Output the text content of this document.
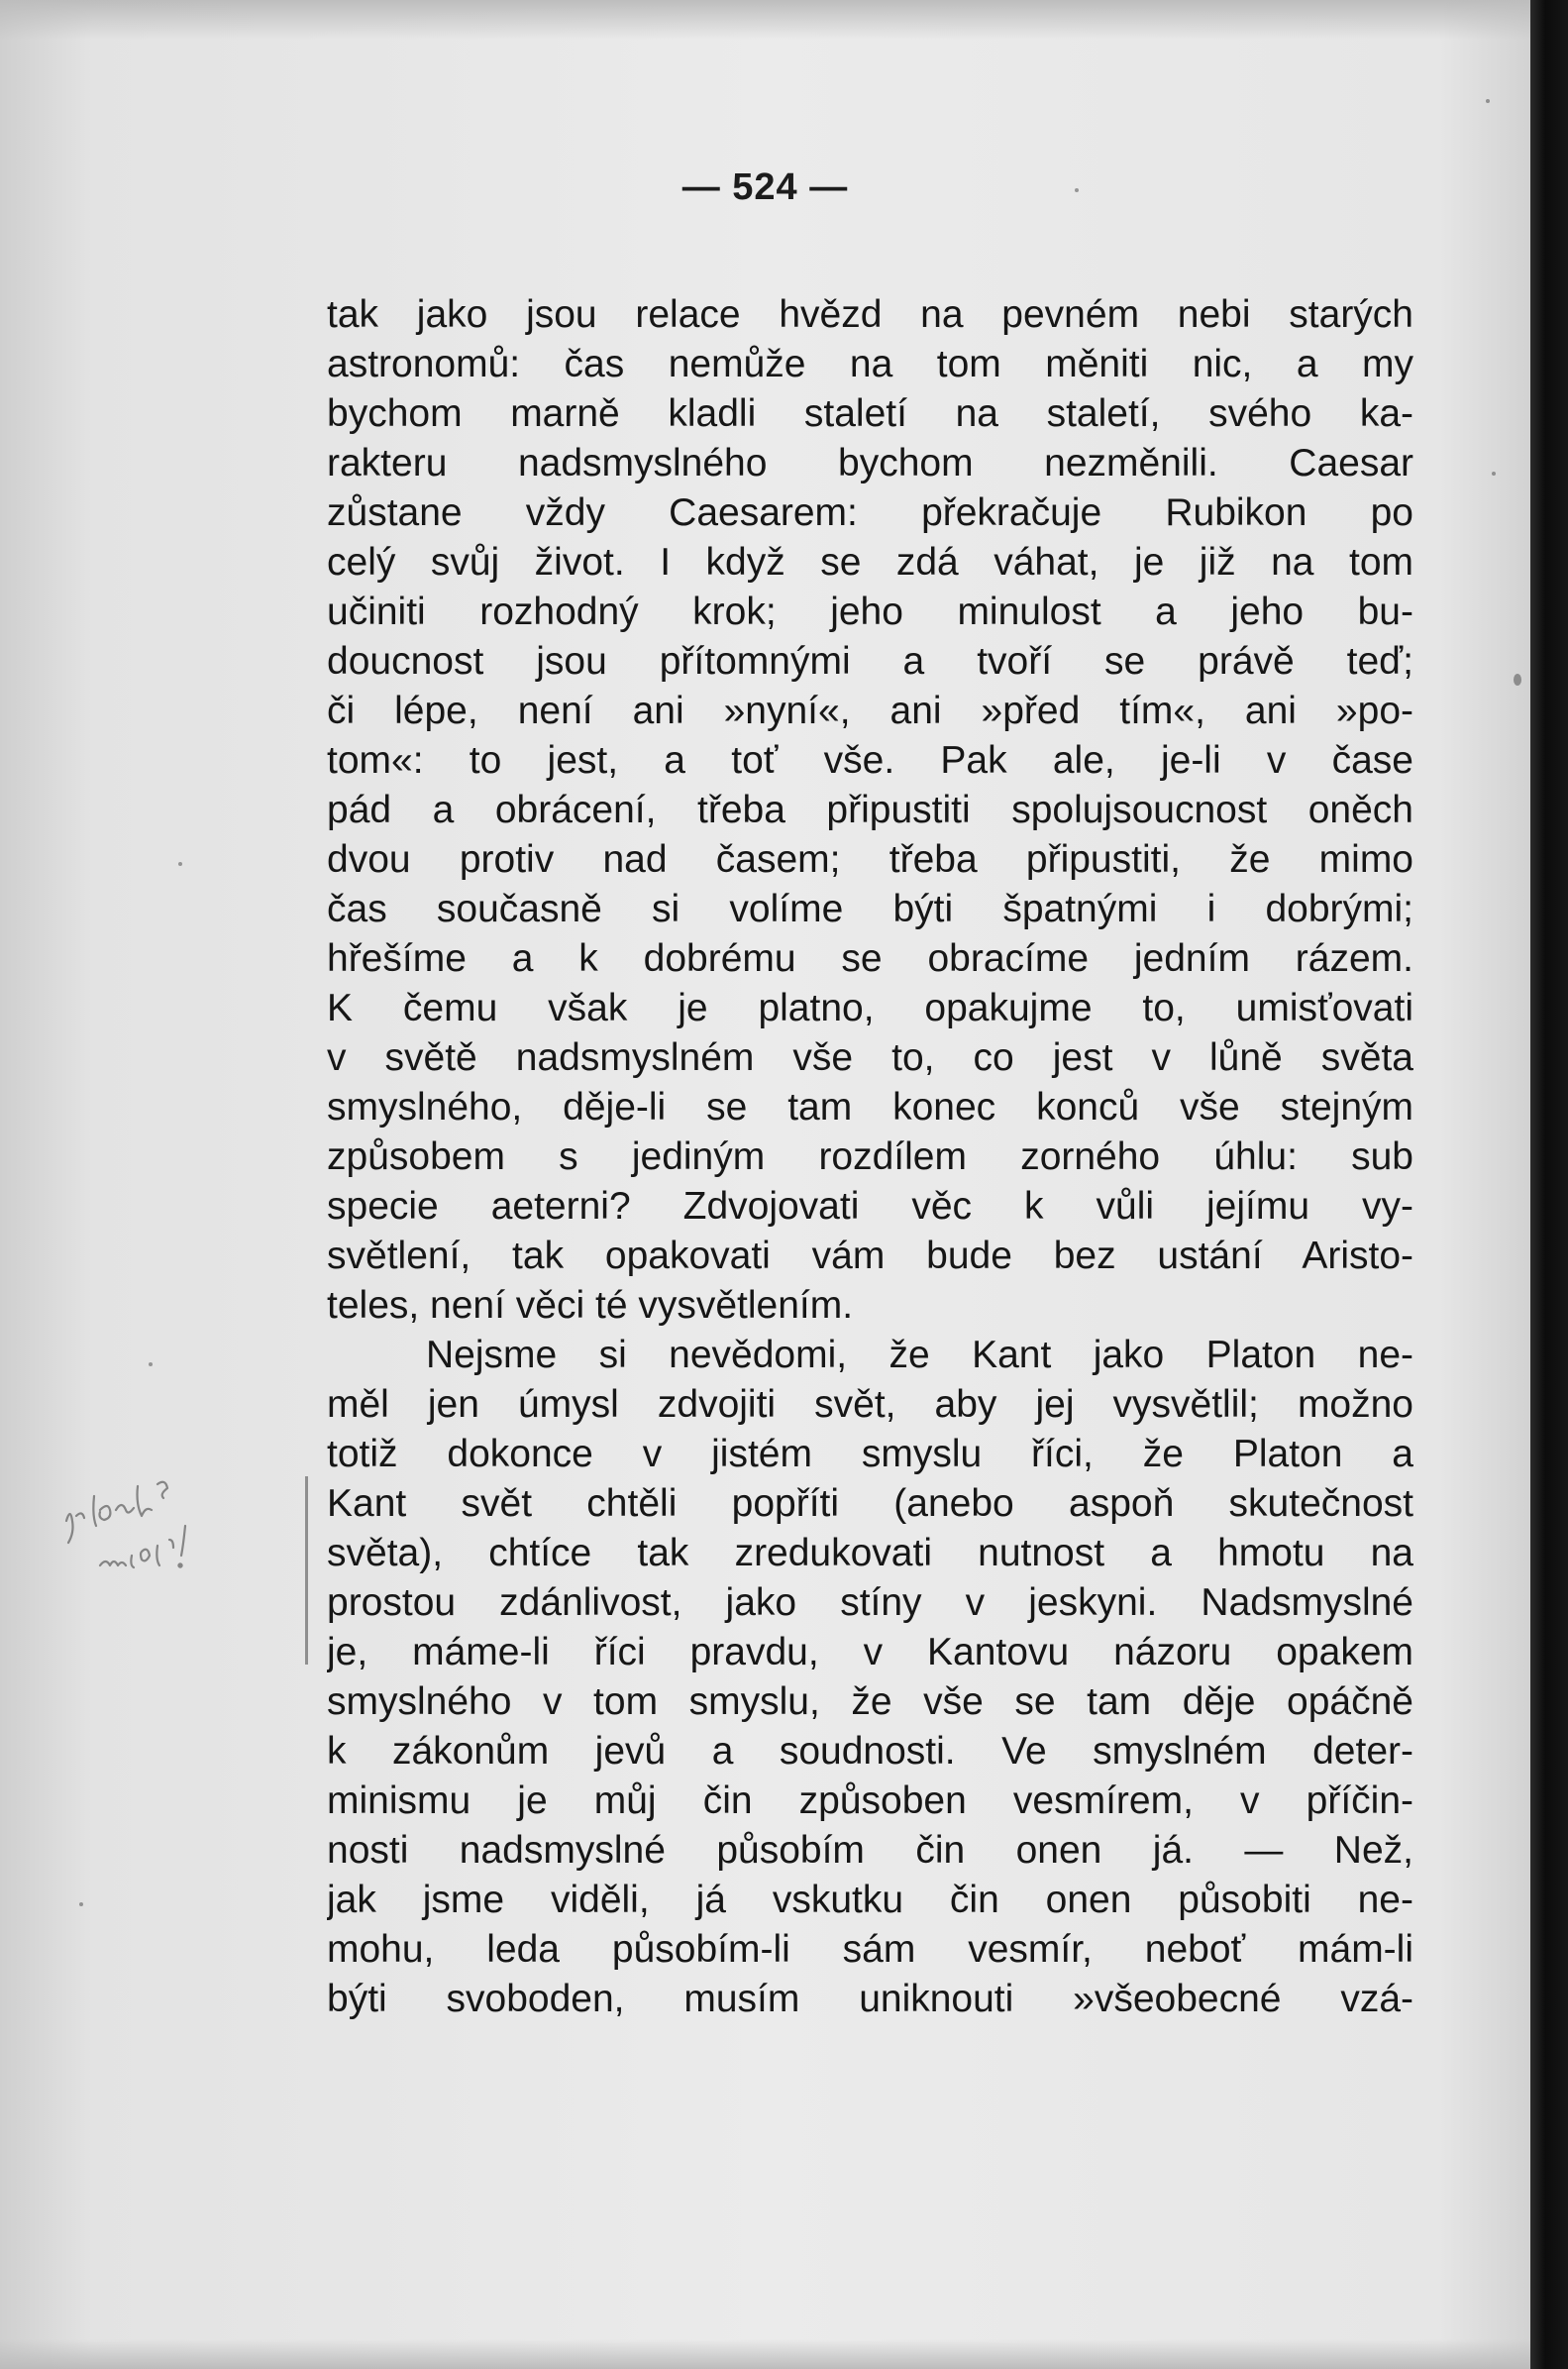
— 524 —
tak jako jsou relace hvězd na pevném nebi starých
astronomů: čas nemůže na tom měniti nic, a my
bychom marně kladli staletí na staletí, svého ka-
rakteru nadsmyslného bychom nezměnili. Caesar
zůstane vždy Caesarem: překračuje Rubikon po
celý svůj život. I když se zdá váhat, je již na tom
učiniti rozhodný krok; jeho minulost a jeho bu-
doucnost jsou přítomnými a tvoří se právě teď;
či lépe, není ani »nyní«, ani »před tím«, ani »po-
tom«: to jest, a toť vše. Pak ale, je-li v čase
pád a obrácení, třeba připustiti spolujsoucnost oněch
dvou protiv nad časem; třeba připustiti, že mimo
čas současně si volíme býti špatnými i dobrými;
hřešíme a k dobrému se obracíme jedním rázem.
K čemu však je platno, opakujme to, umisťovati
v světě nadsmyslném vše to, co jest v lůně světa
smyslného, děje-li se tam konec konců vše stejným
způsobem s jediným rozdílem zorného úhlu: sub
specie aeterni? Zdvojovati věc k vůli jejímu vy-
světlení, tak opakovati vám bude bez ustání Aristo-
teles, není věci té vysvětlením.
Nejsme si nevědomi, že Kant jako Platon ne-
měl jen úmysl zdvojiti svět, aby jej vysvětlil; možno
totiž dokonce v jistém smyslu říci, že Platon a
Kant svět chtěli popříti (anebo aspoň skutečnost
světa), chtíce tak zredukovati nutnost a hmotu na
prostou zdánlivost, jako stíny v jeskyni. Nadsmyslné
je, máme-li říci pravdu, v Kantovu názoru opakem
smyslného v tom smyslu, že vše se tam děje opáčně
k zákonům jevů a soudnosti. Ve smyslném deter-
minismu je můj čin způsoben vesmírem, v příčin-
nosti nadsmyslné působím čin onen já. — Než,
jak jsme viděli, já vskutku čin onen působiti ne-
mohu, leda působím-li sám vesmír, neboť mám-li
býti svoboden, musím uniknouti »všeobecné vzá-
